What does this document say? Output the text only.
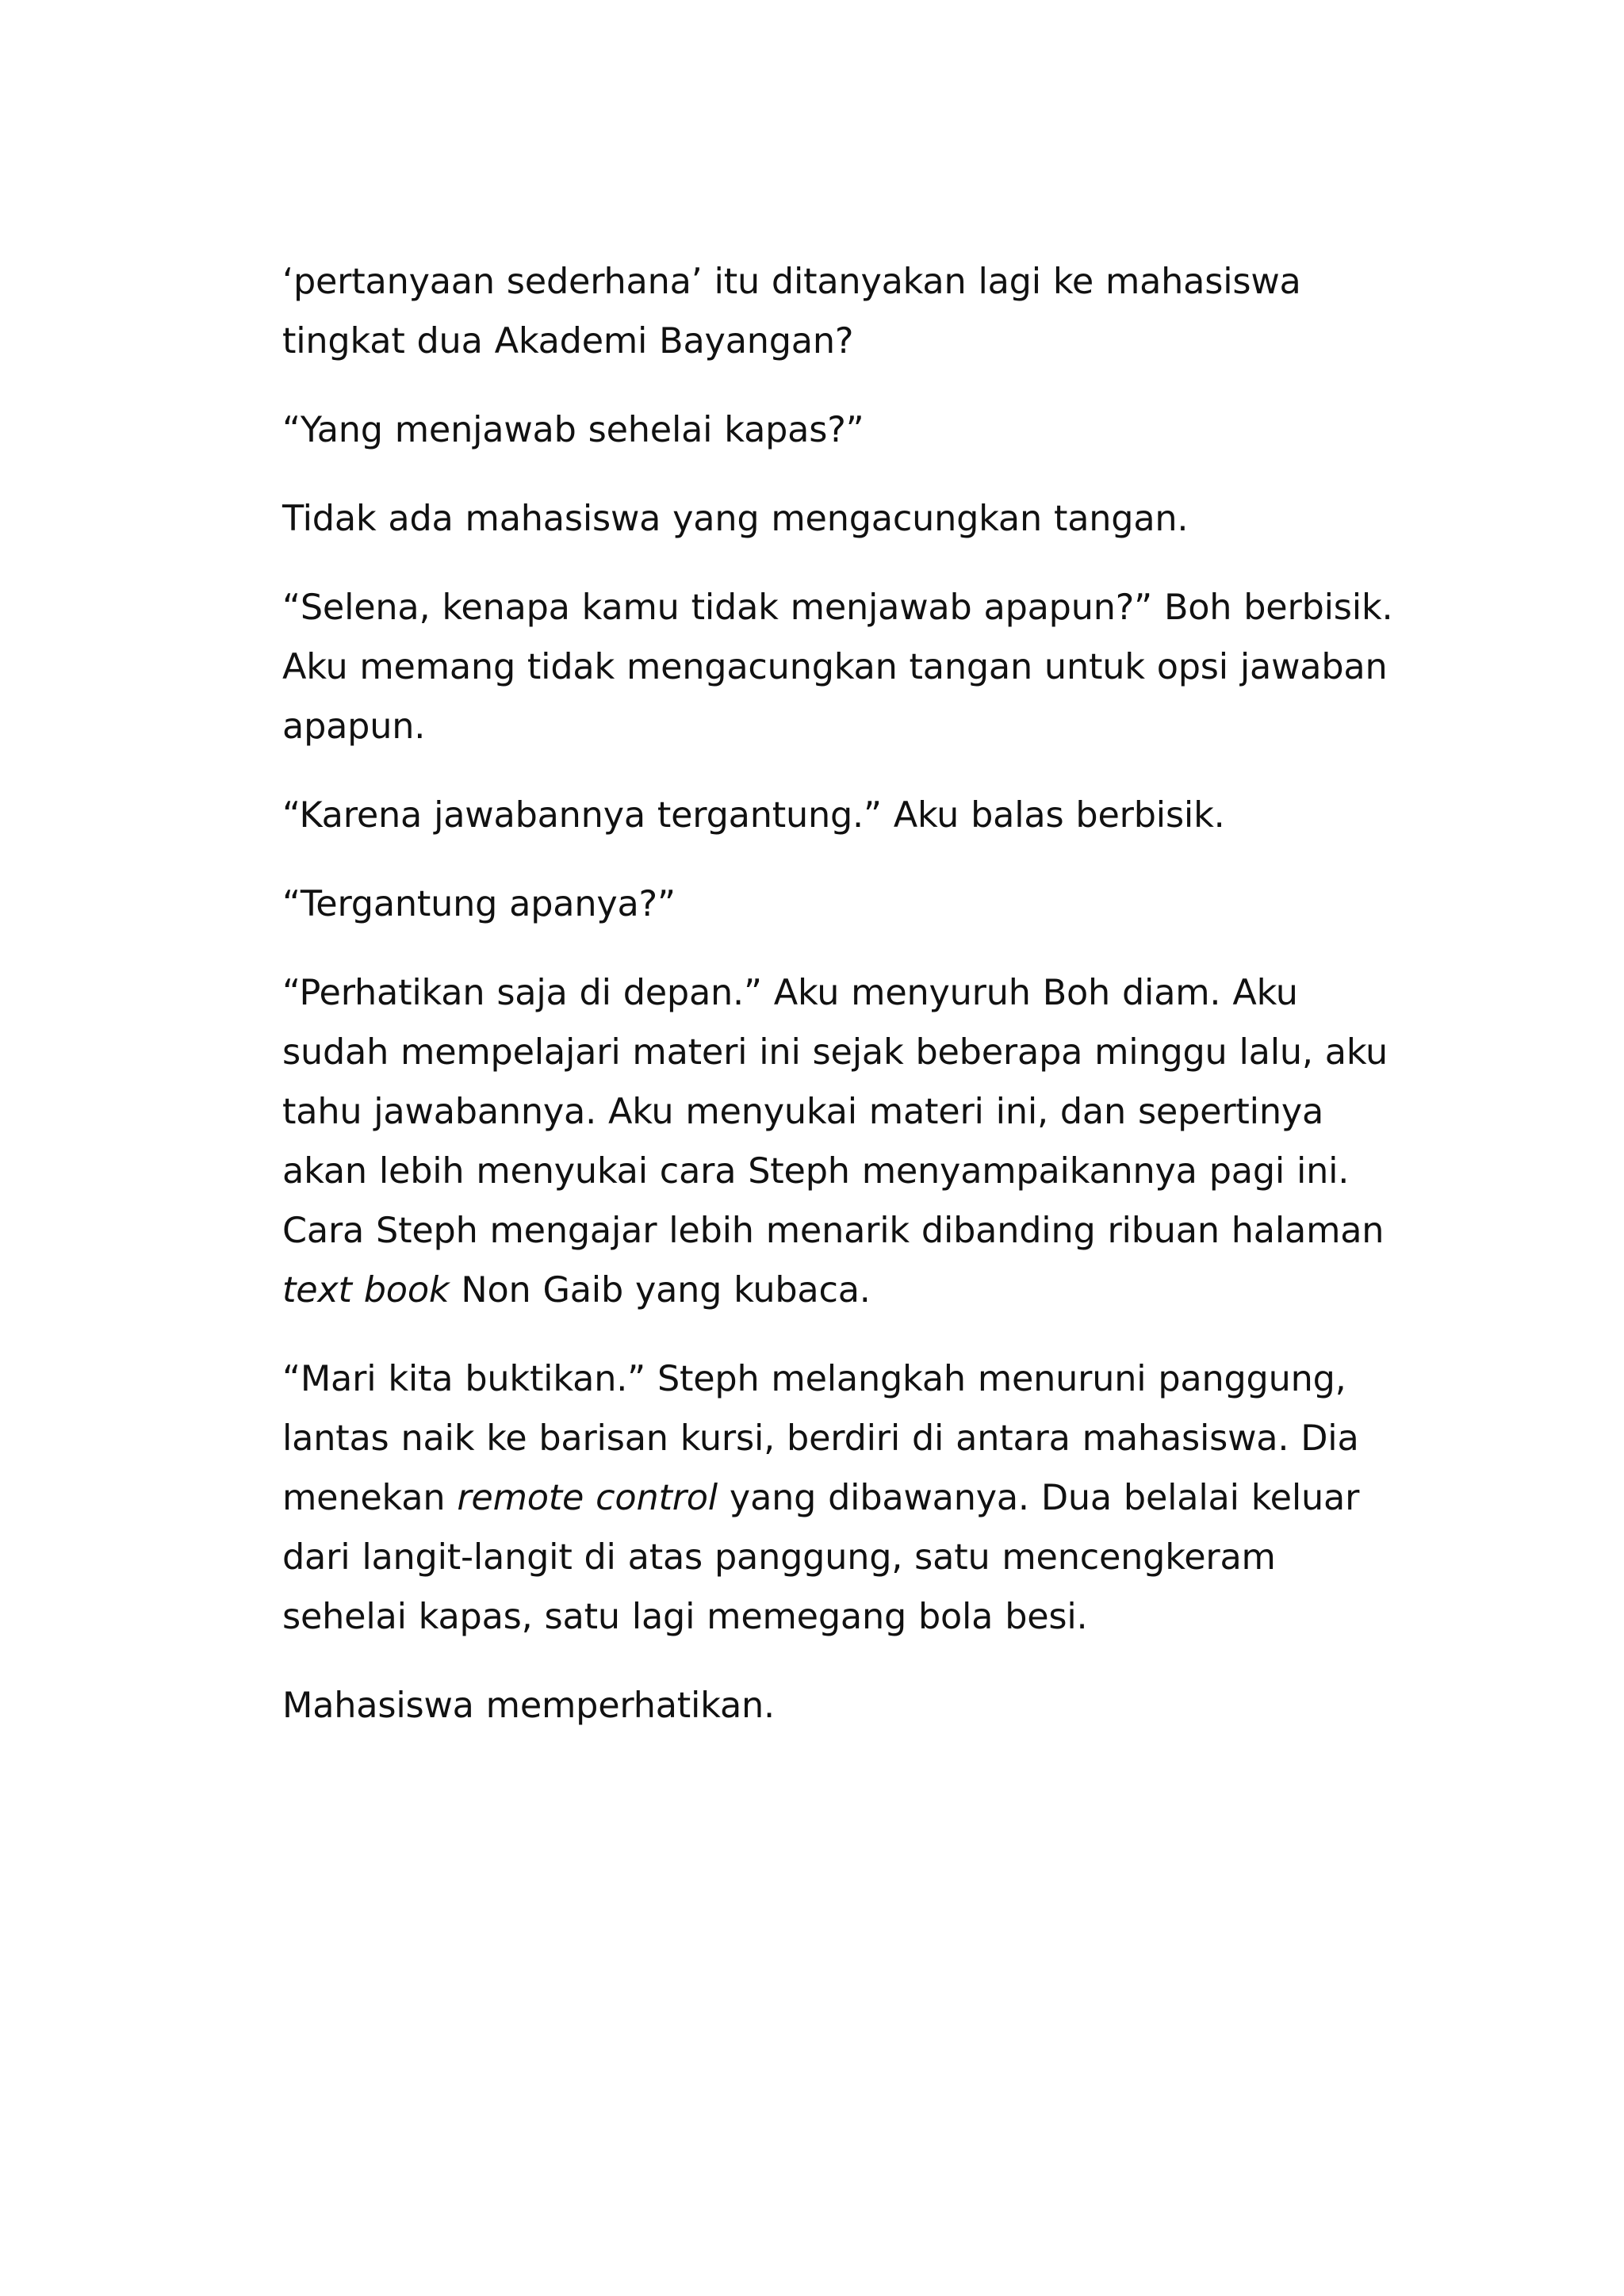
‘pertanyaan sederhana’ itu ditanyakan lagi ke mahasiswa tingkat dua Akademi Bayangan?

“Yang menjawab sehelai kapas?”

Tidak ada mahasiswa yang mengacungkan tangan.

“Selena, kenapa kamu tidak menjawab apapun?” Boh berbisik. Aku memang tidak mengacungkan tangan untuk opsi jawaban apapun.

“Karena jawabannya tergantung.” Aku balas berbisik.

“Tergantung apanya?”

“Perhatikan saja di depan.” Aku menyuruh Boh diam. Aku sudah mempelajari materi ini sejak beberapa minggu lalu, aku tahu jawabannya. Aku menyukai materi ini, dan sepertinya akan lebih menyukai cara Steph menyampaikannya pagi ini. Cara Steph mengajar lebih menarik dibanding ribuan halaman text book Non Gaib yang kubaca.

“Mari kita buktikan.” Steph melangkah menuruni panggung, lantas naik ke barisan kursi, berdiri di antara mahasiswa. Dia menekan remote control yang dibawanya. Dua belalai keluar dari langit-langit di atas panggung, satu mencengkeram sehelai kapas, satu lagi memegang bola besi.

Mahasiswa memperhatikan.
